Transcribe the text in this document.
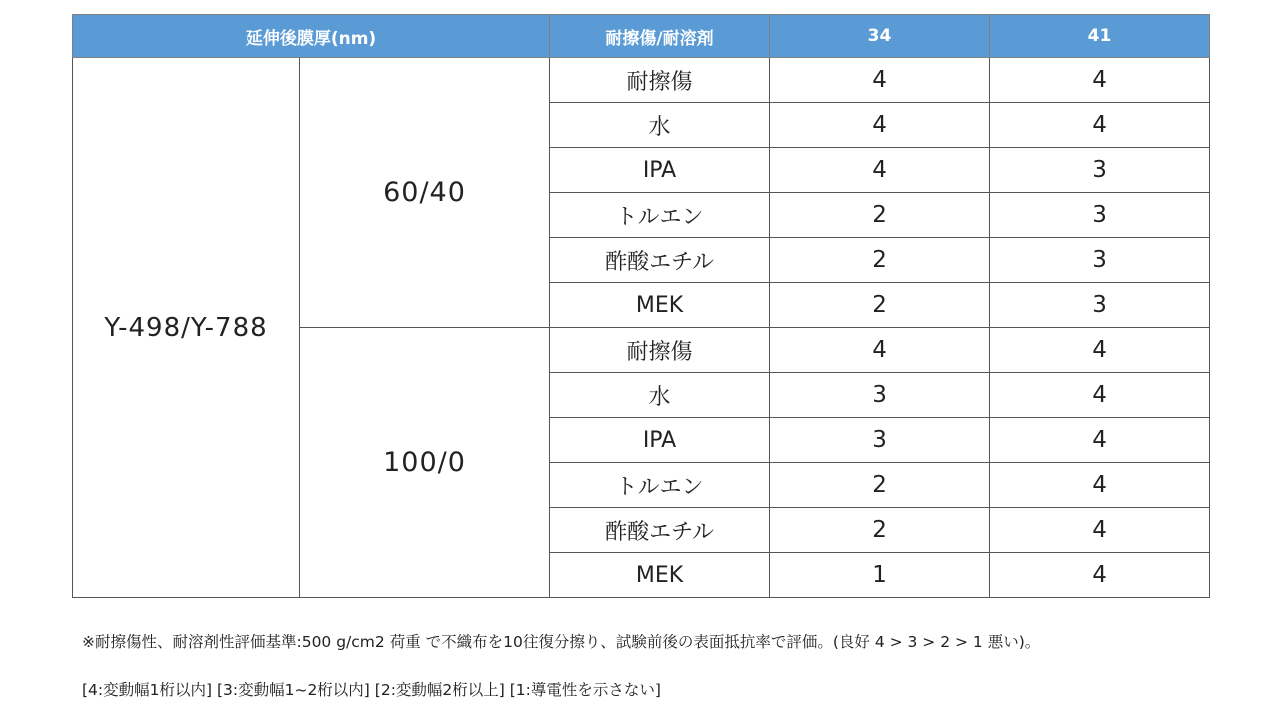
延伸後膜厚(nm)		耐擦傷/耐溶剤	34	41
Y-498/Y-788	60/40	耐擦傷	4	4
		水	4	4
		IPA	4	3
		トルエン	2	3
		酢酸エチル	2	3
		MEK	2	3
	100/0	耐擦傷	4	4
		水	3	4
		IPA	3	4
		トルエン	2	4
		酢酸エチル	2	4
		MEK	1	4
※耐擦傷性、耐溶剤性評価基準:500 g/cm2 荷重 で不織布を10往復分擦り、試験前後の表面抵抗率で評価。(良好 4 > 3 > 2 > 1 悪い)。
[4:変動幅1桁以内] [3:変動幅1~2桁以内] [2:変動幅2桁以上] [1:導電性を示さない]
